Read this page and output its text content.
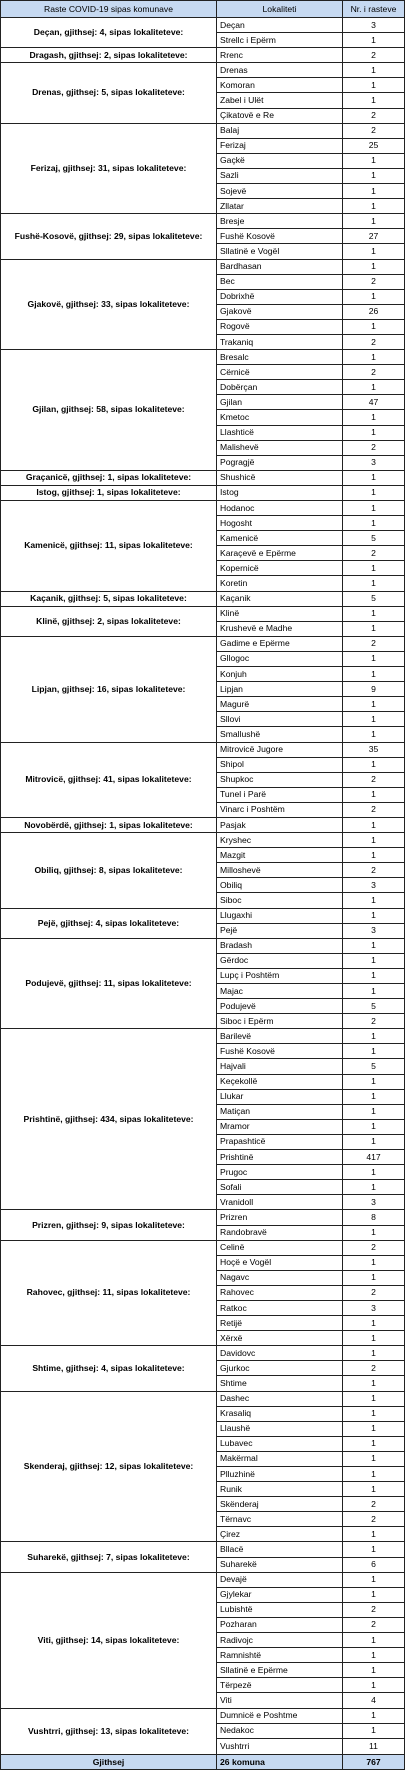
Raste COVID-19 sipas komunave	Lokaliteti	Nr. i rasteve
Deçan, gjithsej: 4, sipas lokaliteteve:	Deçan	3
	Strellc i Epërm	1
Dragash, gjithsej: 2, sipas lokaliteteve:	Rrenc	2
Drenas, gjithsej: 5, sipas lokaliteteve:	Drenas	1
	Komoran	1
	Zabel i Ulët	1
	Çikatovë e Re	2
Ferizaj, gjithsej: 31, sipas lokaliteteve:	Balaj	2
	Ferizaj	25
	Gaçkë	1
	Sazli	1
	Sojevë	1
	Zllatar	1
Fushë-Kosovë, gjithsej: 29, sipas lokaliteteve:	Bresje	1
	Fushë Kosovë	27
	Sllatinë e Vogël	1
Gjakovë, gjithsej: 33, sipas lokaliteteve:	Bardhasan	1
	Bec	2
	Dobrixhë	1
	Gjakovë	26
	Rogovë	1
	Trakaniq	2
Gjilan, gjithsej: 58, sipas lokaliteteve:	Bresalc	1
	Cërnicë	2
	Dobërçan	1
	Gjilan	47
	Kmetoc	1
	Llashticë	1
	Malishevë	2
	Pogragjë	3
Graçanicë, gjithsej: 1, sipas lokaliteteve:	Shushicë	1
Istog, gjithsej: 1, sipas lokaliteteve:	Istog	1
Kamenicë, gjithsej: 11, sipas lokaliteteve:	Hodanoc	1
	Hogosht	1
	Kamenicë	5
	Karaçevë e Epërme	2
	Kopernicë	1
	Koretin	1
Kaçanik, gjithsej: 5, sipas lokaliteteve:	Kaçanik	5
Klinë, gjithsej: 2, sipas lokaliteteve:	Klinë	1
	Krushevë e Madhe	1
Lipjan, gjithsej: 16, sipas lokaliteteve:	Gadime e Epërme	2
	Gllogoc	1
	Konjuh	1
	Lipjan	9
	Magurë	1
	Sllovi	1
	Smallushë	1
Mitrovicë, gjithsej: 41, sipas lokaliteteve:	Mitrovicë Jugore	35
	Shipol	1
	Shupkoc	2
	Tunel i Parë	1
	Vinarc i Poshtëm	2
Novobërdë, gjithsej: 1, sipas lokaliteteve:	Pasjak	1
Obiliq, gjithsej: 8, sipas lokaliteteve:	Kryshec	1
	Mazgit	1
	Milloshevë	2
	Obiliq	3
	Siboc	1
Pejë, gjithsej: 4, sipas lokaliteteve:	Llugaxhi	1
	Pejë	3
Podujevë, gjithsej: 11, sipas lokaliteteve:	Bradash	1
	Gërdoc	1
	Lupç i Poshtëm	1
	Majac	1
	Podujevë	5
	Siboc i Epërm	2
Prishtinë, gjithsej: 434, sipas lokaliteteve:	Barilevë	1
	Fushë Kosovë	1
	Hajvali	5
	Keçekollë	1
	Llukar	1
	Matiçan	1
	Mramor	1
	Prapashticë	1
	Prishtinë	417
	Prugoc	1
	Sofali	1
	Vranidoll	3
Prizren, gjithsej: 9, sipas lokaliteteve:	Prizren	8
	Randobravë	1
Rahovec, gjithsej: 11, sipas lokaliteteve:	Celinë	2
	Hoçë e Vogël	1
	Nagavc	1
	Rahovec	2
	Ratkoc	3
	Retijë	1
	Xërxë	1
Shtime, gjithsej: 4, sipas lokaliteteve:	Davidovc	1
	Gjurkoc	2
	Shtime	1
Skenderaj, gjithsej: 12, sipas lokaliteteve:	Dashec	1
	Krasaliq	1
	Llaushë	1
	Lubavec	1
	Makërmal	1
	Plluzhinë	1
	Runik	1
	Skënderaj	2
	Tërnavc	2
	Çirez	1
Suharekë, gjithsej: 7, sipas lokaliteteve:	Bllacë	1
	Suharekë	6
Viti, gjithsej: 14, sipas lokaliteteve:	Devajë	1
	Gjylekar	1
	Lubishtë	2
	Pozharan	2
	Radivojc	1
	Ramnishtë	1
	Sllatinë e Epërme	1
	Tërpezë	1
	Viti	4
Vushtrri, gjithsej: 13, sipas lokaliteteve:	Dumnicë e Poshtme	1
	Nedakoc	1
	Vushtrri	11
Gjithsej	26 komuna	767
